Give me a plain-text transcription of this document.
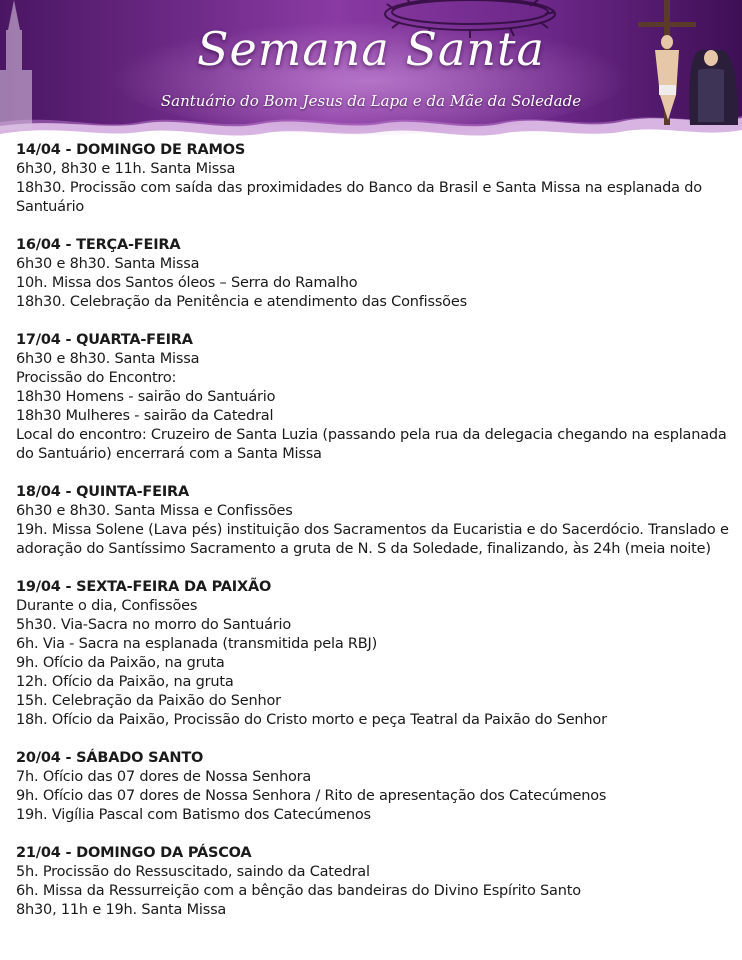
Semana Santa
Santuário do Bom Jesus da Lapa e da Mãe da Soledade
14/04 - DOMINGO DE RAMOS
6h30, 8h30 e 11h. Santa Missa
18h30. Procissão com saída das proximidades do Banco da Brasil e Santa Missa na esplanada do Santuário
16/04 - TERÇA-FEIRA
6h30 e 8h30. Santa Missa
10h. Missa dos Santos óleos – Serra do Ramalho
18h30. Celebração da Penitência e atendimento das Confissões
17/04 - QUARTA-FEIRA
6h30 e 8h30. Santa Missa
Procissão do Encontro:
18h30 Homens - sairão do Santuário
18h30 Mulheres - sairão da Catedral
Local do encontro: Cruzeiro de Santa Luzia (passando pela rua da delegacia chegando na esplanada do Santuário) encerrará com a Santa Missa
18/04 - QUINTA-FEIRA
6h30 e 8h30. Santa Missa e Confissões
19h. Missa Solene (Lava pés) instituição dos Sacramentos da Eucaristia e do Sacerdócio. Translado e adoração do Santíssimo Sacramento a gruta de N. S da Soledade, finalizando, às 24h (meia noite)
19/04 - SEXTA-FEIRA DA PAIXÃO
Durante o dia, Confissões
5h30. Via-Sacra no morro do Santuário
6h. Via - Sacra na esplanada (transmitida pela RBJ)
9h. Ofício da Paixão, na gruta
12h. Ofício da Paixão, na gruta
15h. Celebração da Paixão do Senhor
18h. Ofício da Paixão, Procissão do Cristo morto e peça Teatral da Paixão do Senhor
20/04 - SÁBADO SANTO
7h. Ofício das 07 dores de Nossa Senhora
9h. Ofício das 07 dores de Nossa Senhora / Rito de apresentação dos Catecúmenos
19h. Vigília Pascal com Batismo dos Catecúmenos
21/04 - DOMINGO DA PÁSCOA
5h. Procissão do Ressuscitado, saindo da Catedral
6h. Missa da Ressurreição com a bênção das bandeiras do Divino Espírito Santo
8h30, 11h e 19h. Santa Missa
